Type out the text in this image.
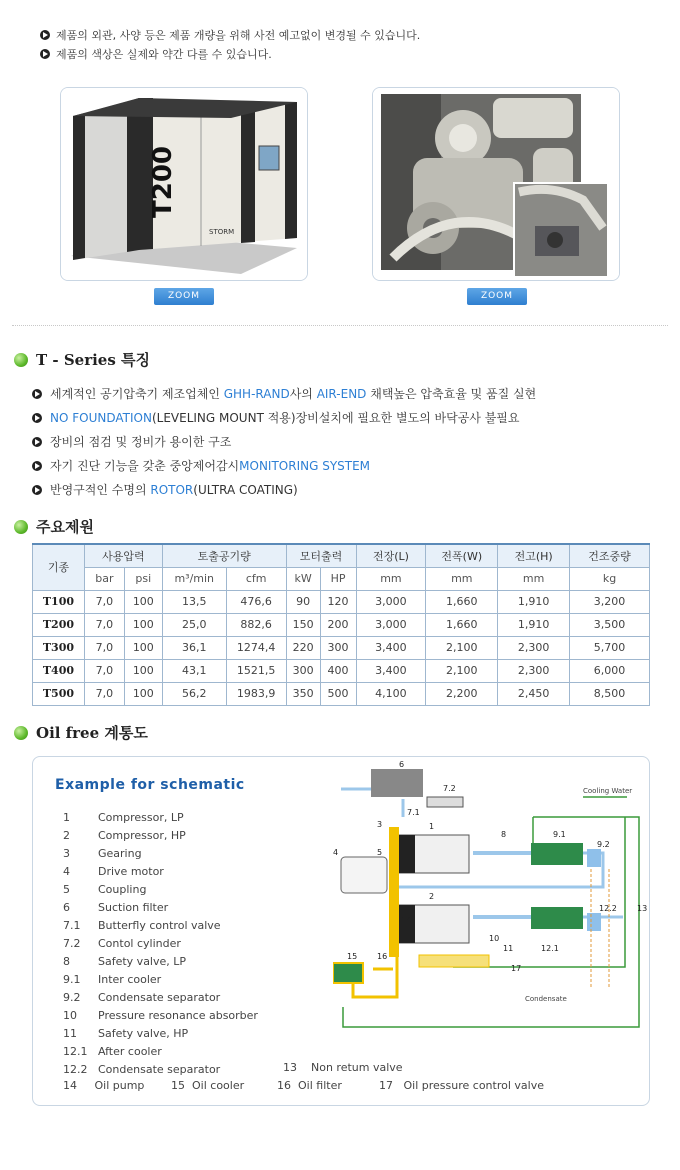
제품의 외관, 사양 등은 제품 개량을 위해 사전 예고없이 변경될 수 있습니다.
제품의 색상은 실제와 약간 다를 수 있습니다.
T200
STORM
ZOOM	ZOOM
T - Series 특징
세계적인 공기압축기 제조업체인 GHH-RAND사의 AIR-END 채택높은 압축효율 및 품질 실현
NO FOUNDATION(LEVELING MOUNT 적용)장비설치에 필요한 별도의 바닥공사 불필요
장비의 점검 및 정비가 용이한 구조
자기 진단 기능을 갖춘 중앙제어감시MONITORING SYSTEM
반영구적인 수명의 ROTOR(ULTRA COATING)
주요제원
기종	사용압력		토출공기량		모터출력		전장(L)	전폭(W)	전고(H)	건조중량
	bar	psi	m³/min	cfm	kW	HP	mm	mm	mm	kg
T100	7,0	100	13,5	476,6	90	120	3,000	1,660	1,910	3,200
T200	7,0	100	25,0	882,6	150	200	3,000	1,660	1,910	3,500
T300	7,0	100	36,1	1274,4	220	300	3,400	2,100	2,300	5,700
T400	7,0	100	43,1	1521,5	300	400	3,400	2,100	2,300	6,000
T500	7,0	100	56,2	1983,9	350	500	4,100	2,200	2,450	8,500
Oil free 계통도
Example for schematic
1	Compressor, LP
2	Compressor, HP
3	Gearing
4	Drive motor
5	Coupling
6	Suction filter
7.1	Butterfly control valve
7.2	Contol cylinder
8	Safety valve, LP
9.1	Inter cooler
9.2	Condensate separator
10	Pressure resonance absorber
11	Safety valve, HP
12.1 After cooler
12.2 Condensate separator	13 Non retum valve
14 Oil pump 15 Oil cooler	16 Oil filter	17 Oil pressure control valve
Cooling Water
Condensate
1
2
3
4	5
6
7.1
7.2
8	9.1
9.2
10
11	12.1
12.2	13
14
15 16
17
